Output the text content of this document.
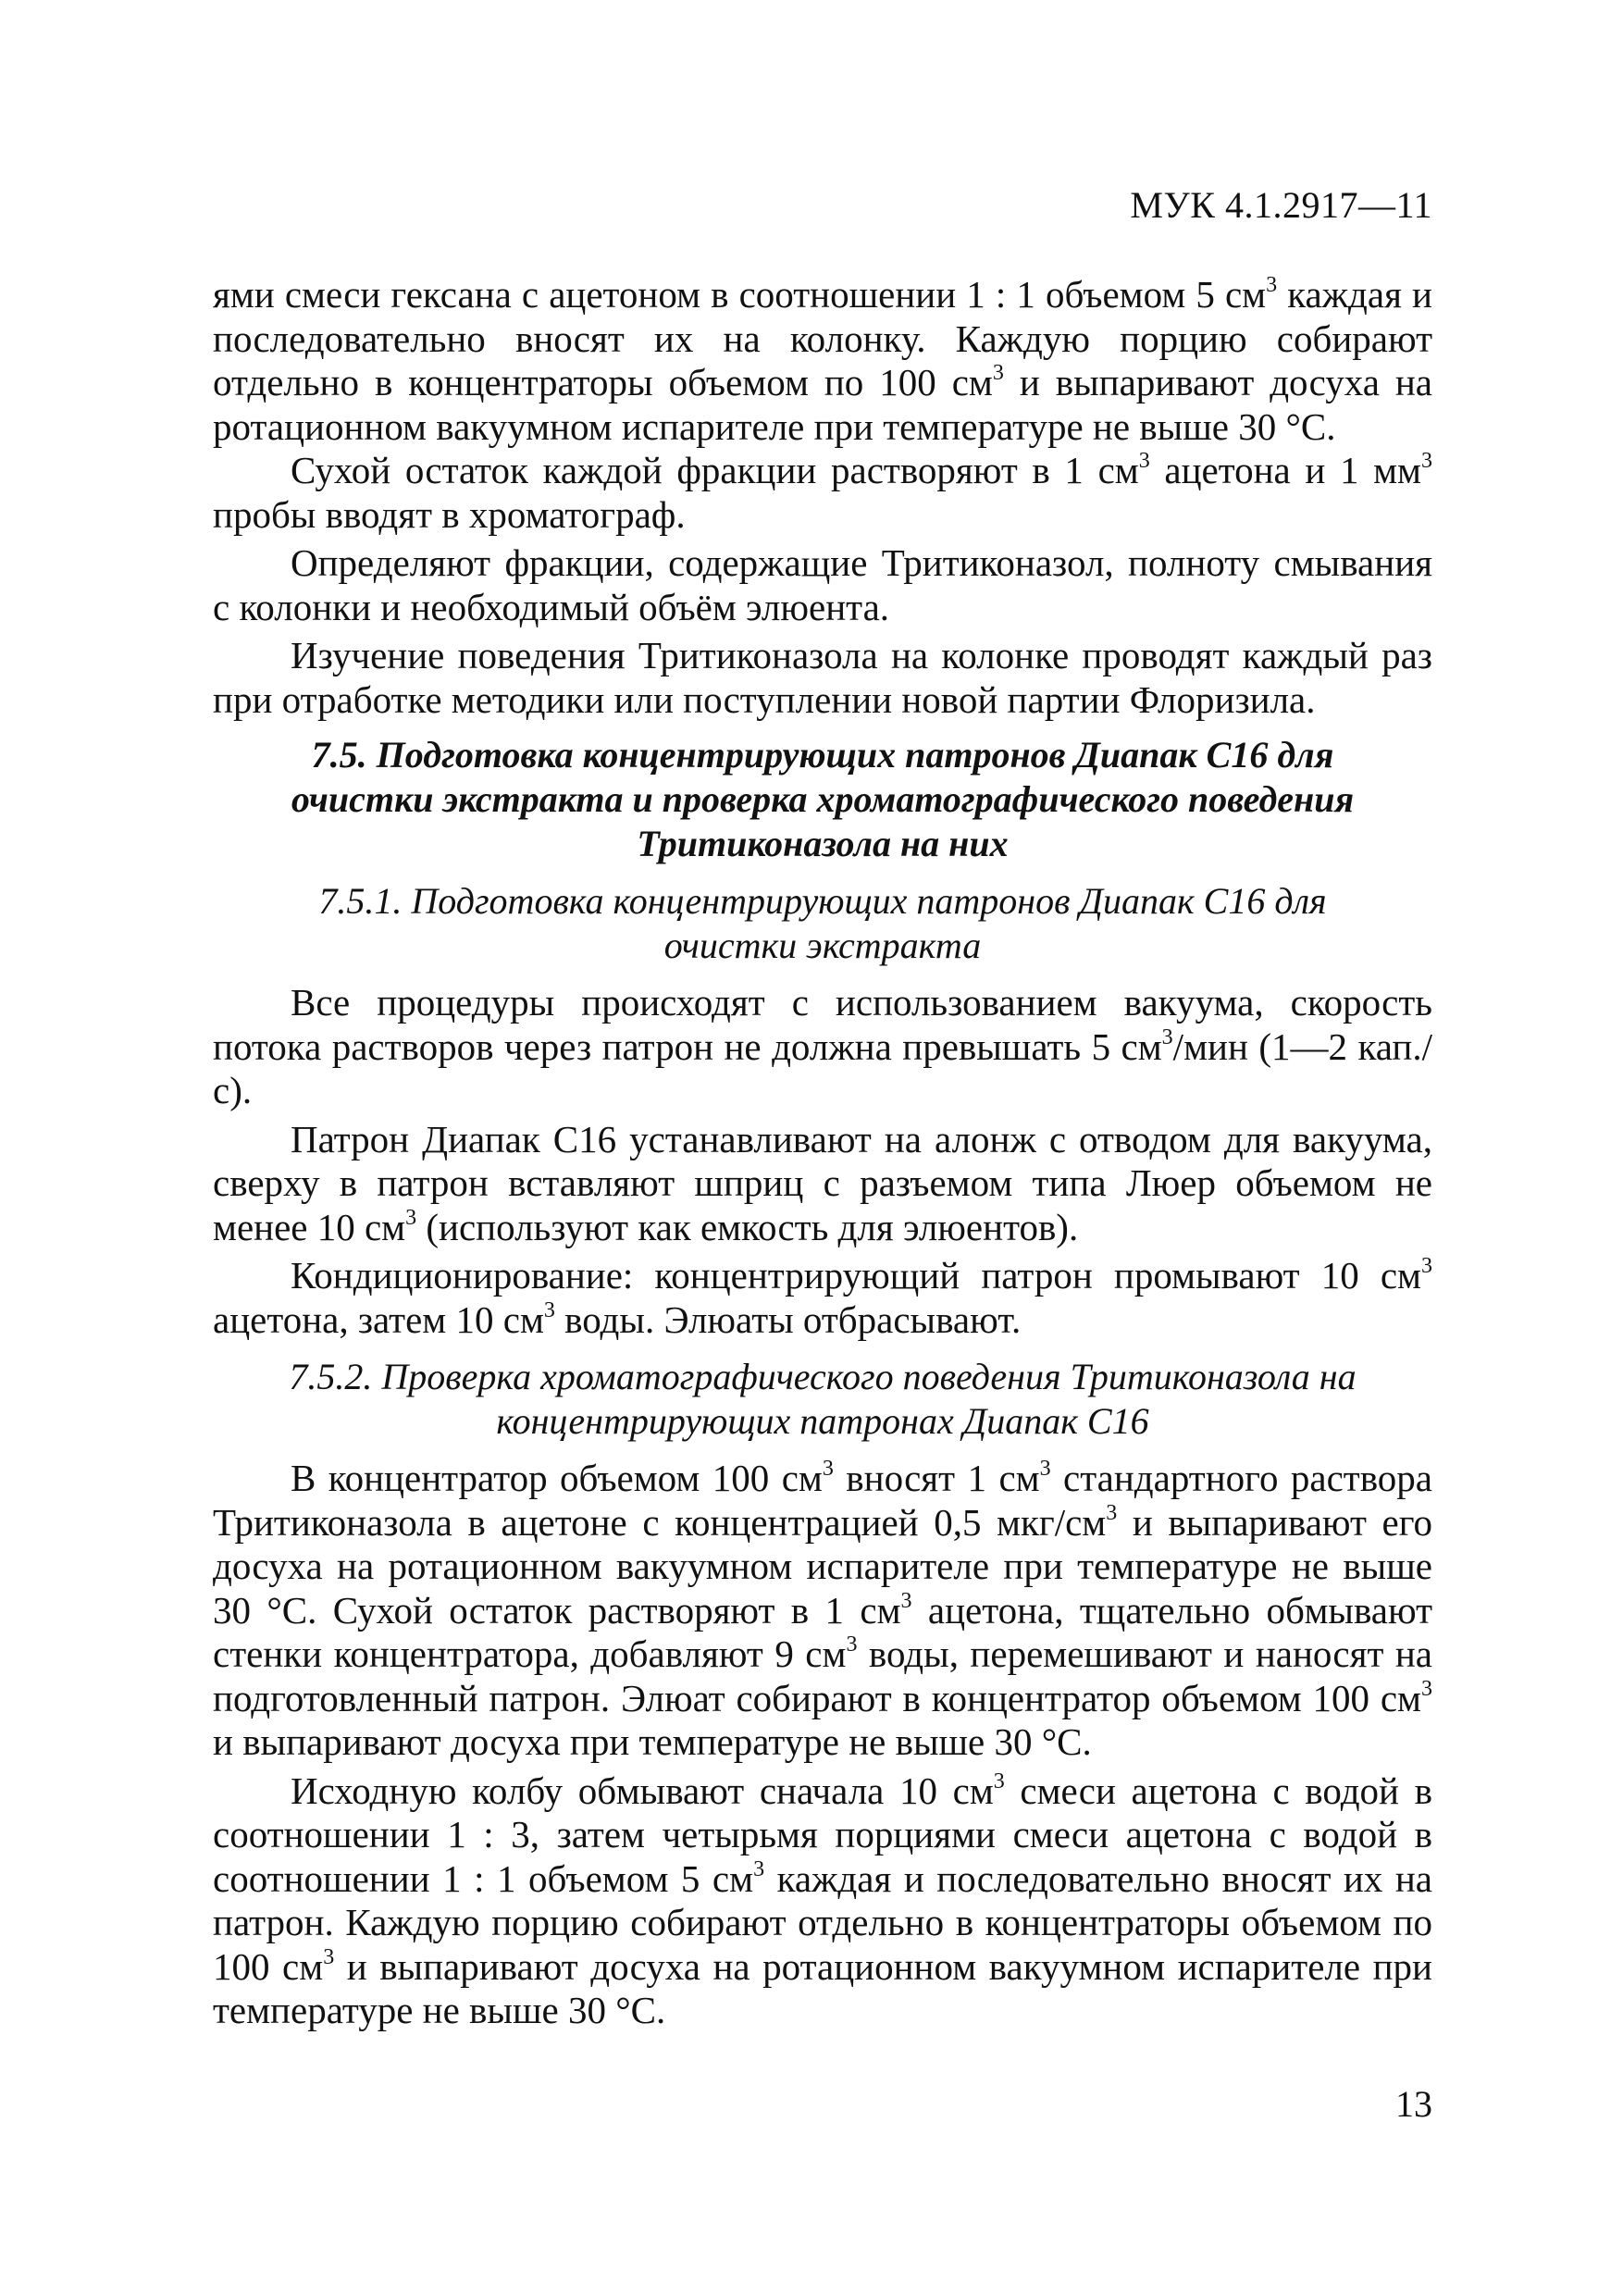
МУК 4.1.2917—11

ями смеси гексана с ацетоном в соотношении 1 : 1 объемом 5 $см^3$ каждая и последовательно вносят их на колонку. Каждую порцию собирают отдельно в концентраторы объемом по 100 $см^3$ и выпаривают досуха на ротационном вакуумном испарителе при температуре не выше 30 °С.

Сухой остаток каждой фракции растворяют в 1 $см^3$ ацетона и 1 $мм^3$ пробы вводят в хроматограф.

Определяют фракции, содержащие Тритиконазол, полноту смывания с колонки и необходимый объём элюента.

Изучение поведения Тритиконазола на колонке проводят каждый раз при отработке методики или поступлении новой партии Флоризила.

7.5. Подготовка концентрирующих патронов Диапак С16 для очистки экстракта и проверка хроматографического поведения Тритиконазола на них
7.5.1. Подготовка концентрирующих патронов Диапак С16 для очистки экстракта

Все процедуры происходят с использованием вакуума, скорость потока растворов через патрон не должна превышать 5 $см^3$/мин (1—2 кап./с).

Патрон Диапак С16 устанавливают на алонж с отводом для вакуума, сверху в патрон вставляют шприц с разъемом типа Люер объемом не менее 10 $см^3$ (используют как емкость для элюентов).

Кондиционирование: концентрирующий патрон промывают 10 $см^3$ ацетона, затем 10 $см^3$ воды. Элюаты отбрасывают.

7.5.2. Проверка хроматографического поведения Тритиконазола на концентрирующих патронах Диапак С16

В концентратор объемом 100 $см^3$ вносят 1 $см^3$ стандартного раствора Тритиконазола в ацетоне с концентрацией 0,5 мкг/$см^3$ и выпаривают его досуха на ротационном вакуумном испарителе при температуре не выше 30 °С. Сухой остаток растворяют в 1 $см^3$ ацетона, тщательно обмывают стенки концентратора, добавляют 9 $см^3$ воды, перемешивают и наносят на подготовленный патрон. Элюат собирают в концентратор объемом 100 $см^3$ и выпаривают досуха при температуре не выше 30 °С.

Исходную колбу обмывают сначала 10 $см^3$ смеси ацетона с водой в соотношении 1 : 3, затем четырьмя порциями смеси ацетона с водой в соотношении 1 : 1 объемом 5 $см^3$ каждая и последовательно вносят их на патрон. Каждую порцию собирают отдельно в концентраторы объемом по 100 $см^3$ и выпаривают досуха на ротационном вакуумном испарителе при температуре не выше 30 °С.

13
